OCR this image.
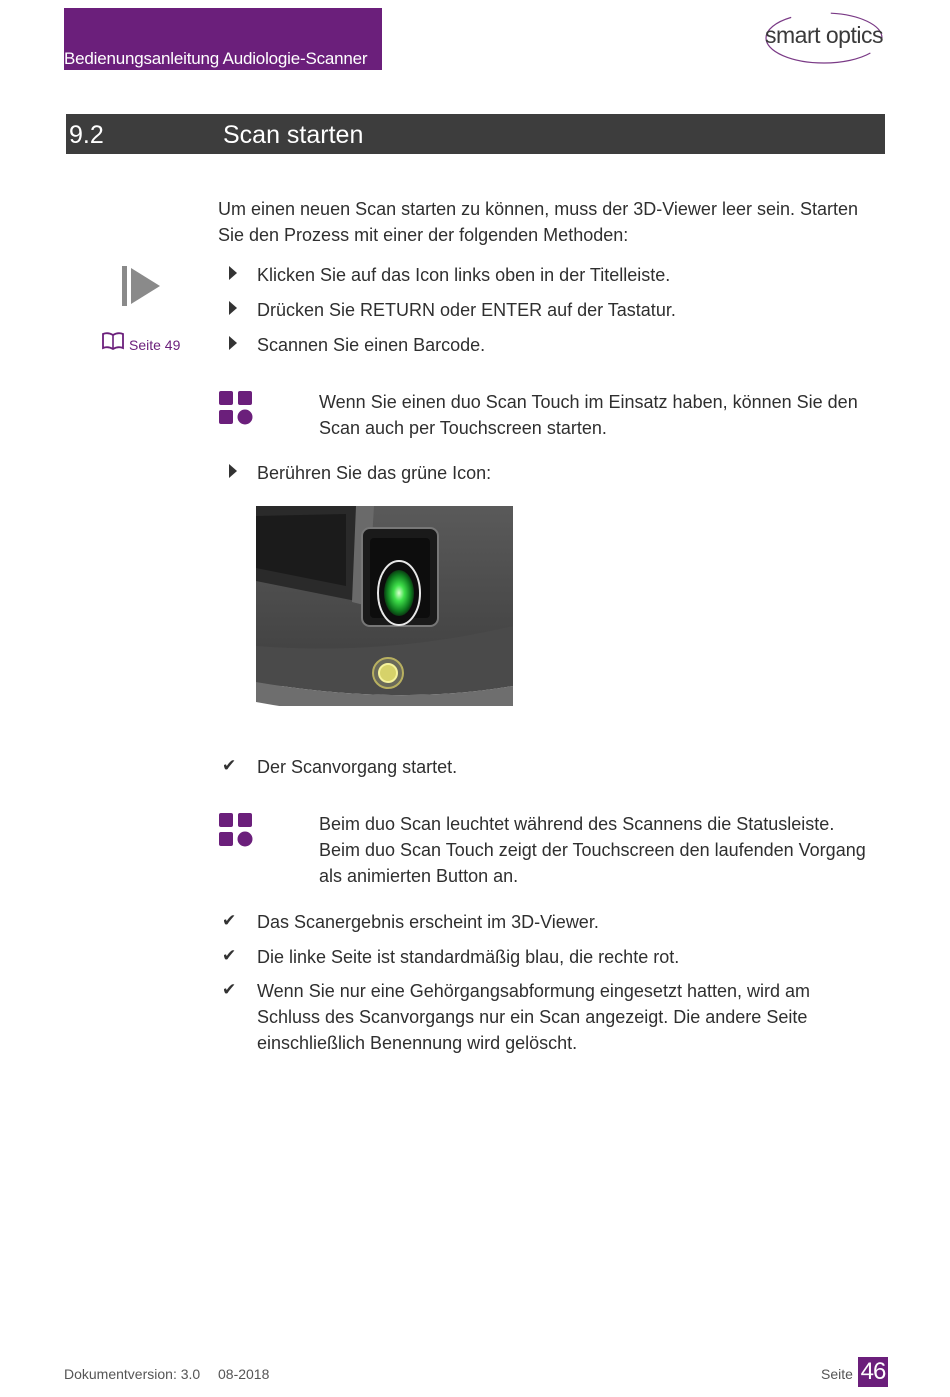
Bedienungsanleitung Audiologie-Scanner
smart optics
9.2	Scan starten
Um einen neuen Scan starten zu können, muss der 3D-Viewer leer sein. Starten Sie den Prozess mit einer der folgenden Methoden:
Seite 49
Klicken Sie auf das Icon links oben in der Titelleiste.
Drücken Sie RETURN oder ENTER auf der Tastatur.
Scannen Sie einen Barcode.
Wenn Sie einen duo Scan Touch im Einsatz haben, können Sie den Scan auch per Touchscreen starten.
Berühren Sie das grüne Icon:
✔ Der Scanvorgang startet.
Beim duo Scan leuchtet während des Scannens die Statusleiste. Beim duo Scan Touch zeigt der Touchscreen den laufenden Vorgang als animierten Button an.
✔ Das Scanergebnis erscheint im 3D-Viewer.
✔ Die linke Seite ist standardmäßig blau, die rechte rot.
✔ Wenn Sie nur eine Gehörgangsabformung eingesetzt hatten, wird am Schluss des Scanvorgangs nur ein Scan angezeigt. Die andere Seite einschließlich Benennung wird gelöscht.
Dokumentversion: 3.0 08-2018	Seite 46
